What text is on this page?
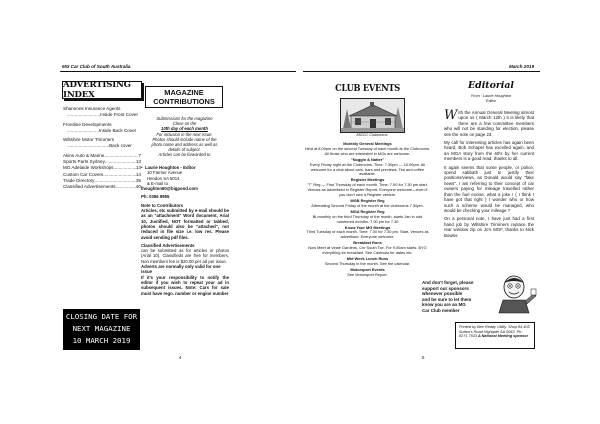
MG Car Club of South Australia	March 2019
ADVERTISING INDEX
Shannons Insurance Agents
..........................Inside Front Cover
Frontline Developments
.........................Inside Back Cover
Wiltshire Motor Trimmers
.................................Back cover
Akins Auto & Marine .....	7
Sports Parts Sydney .....	13
MG Adelaide Workshops .....	14
Custom Car Covers .....	14
Trade Directory .....	39
Classified Advertisements .....	40
CLOSING DATE FOR
NEXT MAGAZINE
10 MARCH 2019
MAGAZINE
CONTRIBUTIONS
Submissions for the magazine
Close on the
10th day of each month
For inclusion in the next issue.
Photos should include name of the
photo name and address as well as
details of subject.
Articles can be forwarded to
• Laurie Houghton - Editor
10 Farmer Avenue
Hendon SA 5014
& E-mail to
lhoughton60@bigpond.com
Ph: 0356 9955
Note to Contributors
Articles, etc submitted by e-mail should be as an "attachment" Word document, Arial 10, Justified, NOT formatted or tabbed, photos should also be "attached", not reduced in file size i.e. low res. Please avoid sending pdf files.
Classified Advertisements
can be submitted as for articles or photos (Arial 10). Classifieds are free for members. Non members fee is $20.00 per ad per issue.
Adverts are normally only valid for one issue
If it's your responsibility to notify the editor if you wish to repeat your ad in subsequent issues. Note: Cars for sale must have rego. number or engine number
4
CLUB EVENTS
MGCC Clubrooms
Monthly General Meetings
Held at 8.00pm on the second Tuesday of each month at the Clubrooms. All those who are interested in MGs are welcome.
"Noggin & Natter"
Every Friday night at the Clubrooms. Time: 7.30pm — 10.00pm. All welcome for a chat about cars, bars and previews. Tea and coffee available.
Register Meetings
"T" Reg — First Thursday of each month. Time: 7.00 for 7.30 pm start. Venues as advertised in Register Report. Everyone welcome—even if you don't own a Register vehicle.
MGB Register Reg
Alternating Second Friday of the month at the clubrooms 7.30pm.
MGA Register Reg
Bi-monthly on the third Thursday of the month, starts Jan in odd numbered months. 7.00 pm for 7.30
Know Your MG Meetings
Third Tuesday of each month. Time: 7.00 for 7.30 pm. Start. Venues as advertised. Everyone welcome.
Breakfast Runs
Now Meet at Veale Gardens, Cnr South Tce. For 9.00am starts. BYO everything for breakfast. See Calendar for dates etc.
Mid Week Lunch Runs
Second Thursday in the month. See the calendar.
Motorsport Events
See Motorsport Report.
Editorial
From : Laurie Houghton
Editor
With the Annual General Meeting almost upon us ( March 12th ) it is likely that there are a few committee members who will not be standing for election, please see the note on page 23.
My call for interesting articles has again been heard, Bob Schapel has excelled again, and an MGA story from the 60's by her current members is a good read, thanks to all.
It again seems that some people, or police, spend sabbath just to justify their positions/views, as Donald would say "fake news". I am referring to their concept of car owners paying for mileage travelled rather than the fuel excise, what a joke ! ( I think I have got that right ) I wonder who or how such a scheme would be managed, who would be checking your mileage ?
On a personal note, I have just had a first hand job by Wiltshire Trimmers replace the rear window zip on Jo's MGF, thanks to Nick Bowler.
And don't forget, please
support our sponsors
whenever possible
and be sure to let them
know you are an MG
Car Club member
Printed by Bee Ready Utility. Shop 84 405 Sutton's Road Highgate SA 5063. Ph: 8271 7633 A National Meeting sponsor
5
